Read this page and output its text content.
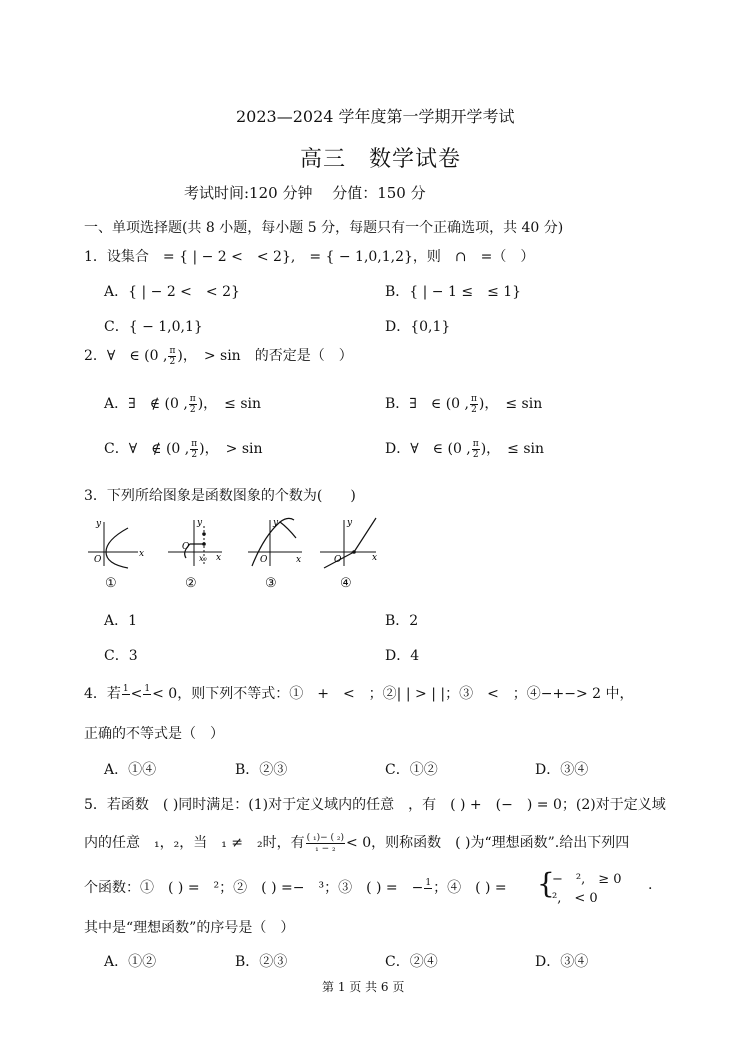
2023—2024 学年度第一学期开学考试
高三　数学试卷
考试时间:120 分钟　 分值：150 分
一、单项选择题(共 8 小题，每小题 5 分，每题只有一个正确选项，共 40 分)
1．设集合　= { | − 2 <　< 2},　= { − 1,0,1,2}，则　∩　=（　）
A．{ | − 2 <　< 2}	B．{ | − 1 ≤　≤ 1}
C．{ − 1,0,1}	D．{0,1}
2．∀　∈ (0 , $\frac{\pi}{2}$ )，　> sin　的否定是（　）
A．∃　∉ (0 , $\frac{\pi}{2}$ )，　≤ sin	B．∃　∈ (0 , $\frac{\pi}{2}$ )，　≤ sin
C．∀　∉ (0 , $\frac{\pi}{2}$ )，　> sin	D．∀　∈ (0 , $\frac{\pi}{2}$ )，　≤ sin
3．下列所给图象是函数图象的个数为(　　)
y
x
O
①
y
x
O
x₀
②
y
x
O
③
y
x
O
④
A．1	B．2
C．3	D．4
4．若 1 < 1 < 0，则下列不等式：①　+　<　；②| | > | |；③　<　；④−+−> 2 中，
正确的不等式是（　）
A．①④	B．②③	C．①②	D．③④
5．若函数　( )同时满足：(1)对于定义域内的任意　，有　( ) +　(−　) = 0；(2)对于定义域
内的任意　₁，₂，当　₁ ≠　₂时，有 $\frac{\text{( ₁)− ( ₂)}}{\text{₁ − ₂}} < 0$，则称函数　( )为“理想函数”.给出下列四
个函数：①　( ) =　²；②　( ) =−　³；③　( ) =　− 1 ；④　( ) = {
−　²,　≥ 0
²,　< 0
.
其中是“理想函数”的序号是（　）
A．①②	B．②③	C．②④	D．③④
第 1 页 共 6 页
